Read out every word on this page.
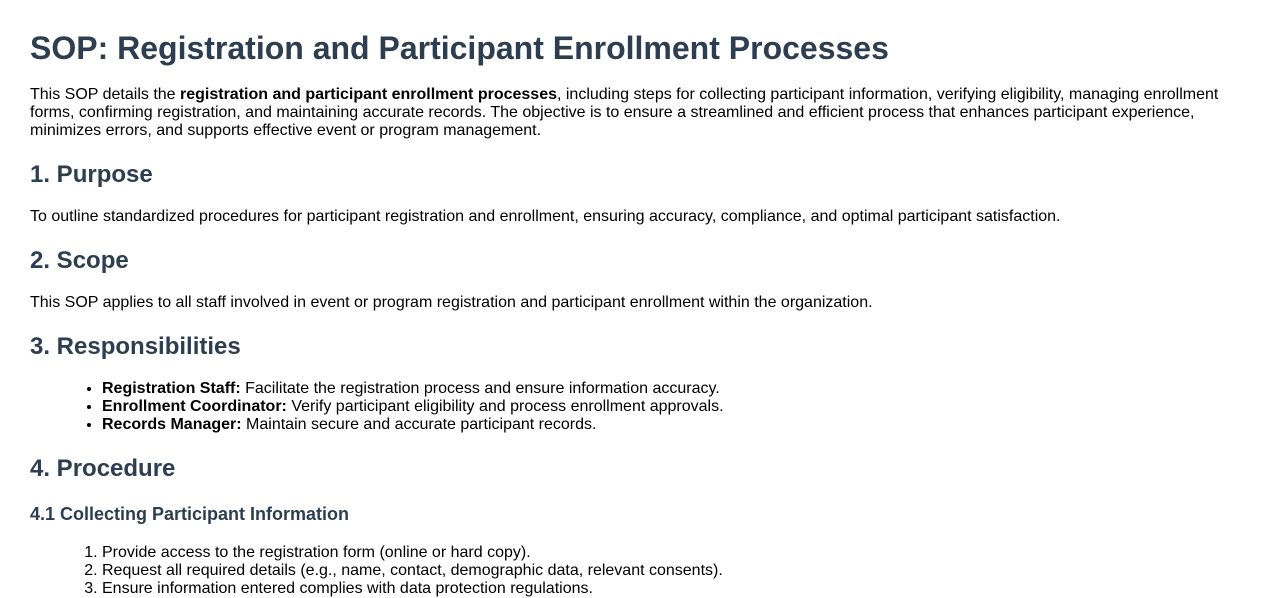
SOP: Registration and Participant Enrollment Processes

This SOP details the registration and participant enrollment processes, including steps for collecting participant information, verifying eligibility, managing enrollment forms, confirming registration, and maintaining accurate records. The objective is to ensure a streamlined and efficient process that enhances participant experience, minimizes errors, and supports effective event or program management.

1. Purpose

To outline standardized procedures for participant registration and enrollment, ensuring accuracy, compliance, and optimal participant satisfaction.

2. Scope

This SOP applies to all staff involved in event or program registration and participant enrollment within the organization.

3. Responsibilities
• Registration Staff: Facilitate the registration process and ensure information accuracy.
• Enrollment Coordinator: Verify participant eligibility and process enrollment approvals.
• Records Manager: Maintain secure and accurate participant records.
4. Procedure
4.1 Collecting Participant Information
1. Provide access to the registration form (online or hard copy).
2. Request all required details (e.g., name, contact, demographic data, relevant consents).
3. Ensure information entered complies with data protection regulations.
